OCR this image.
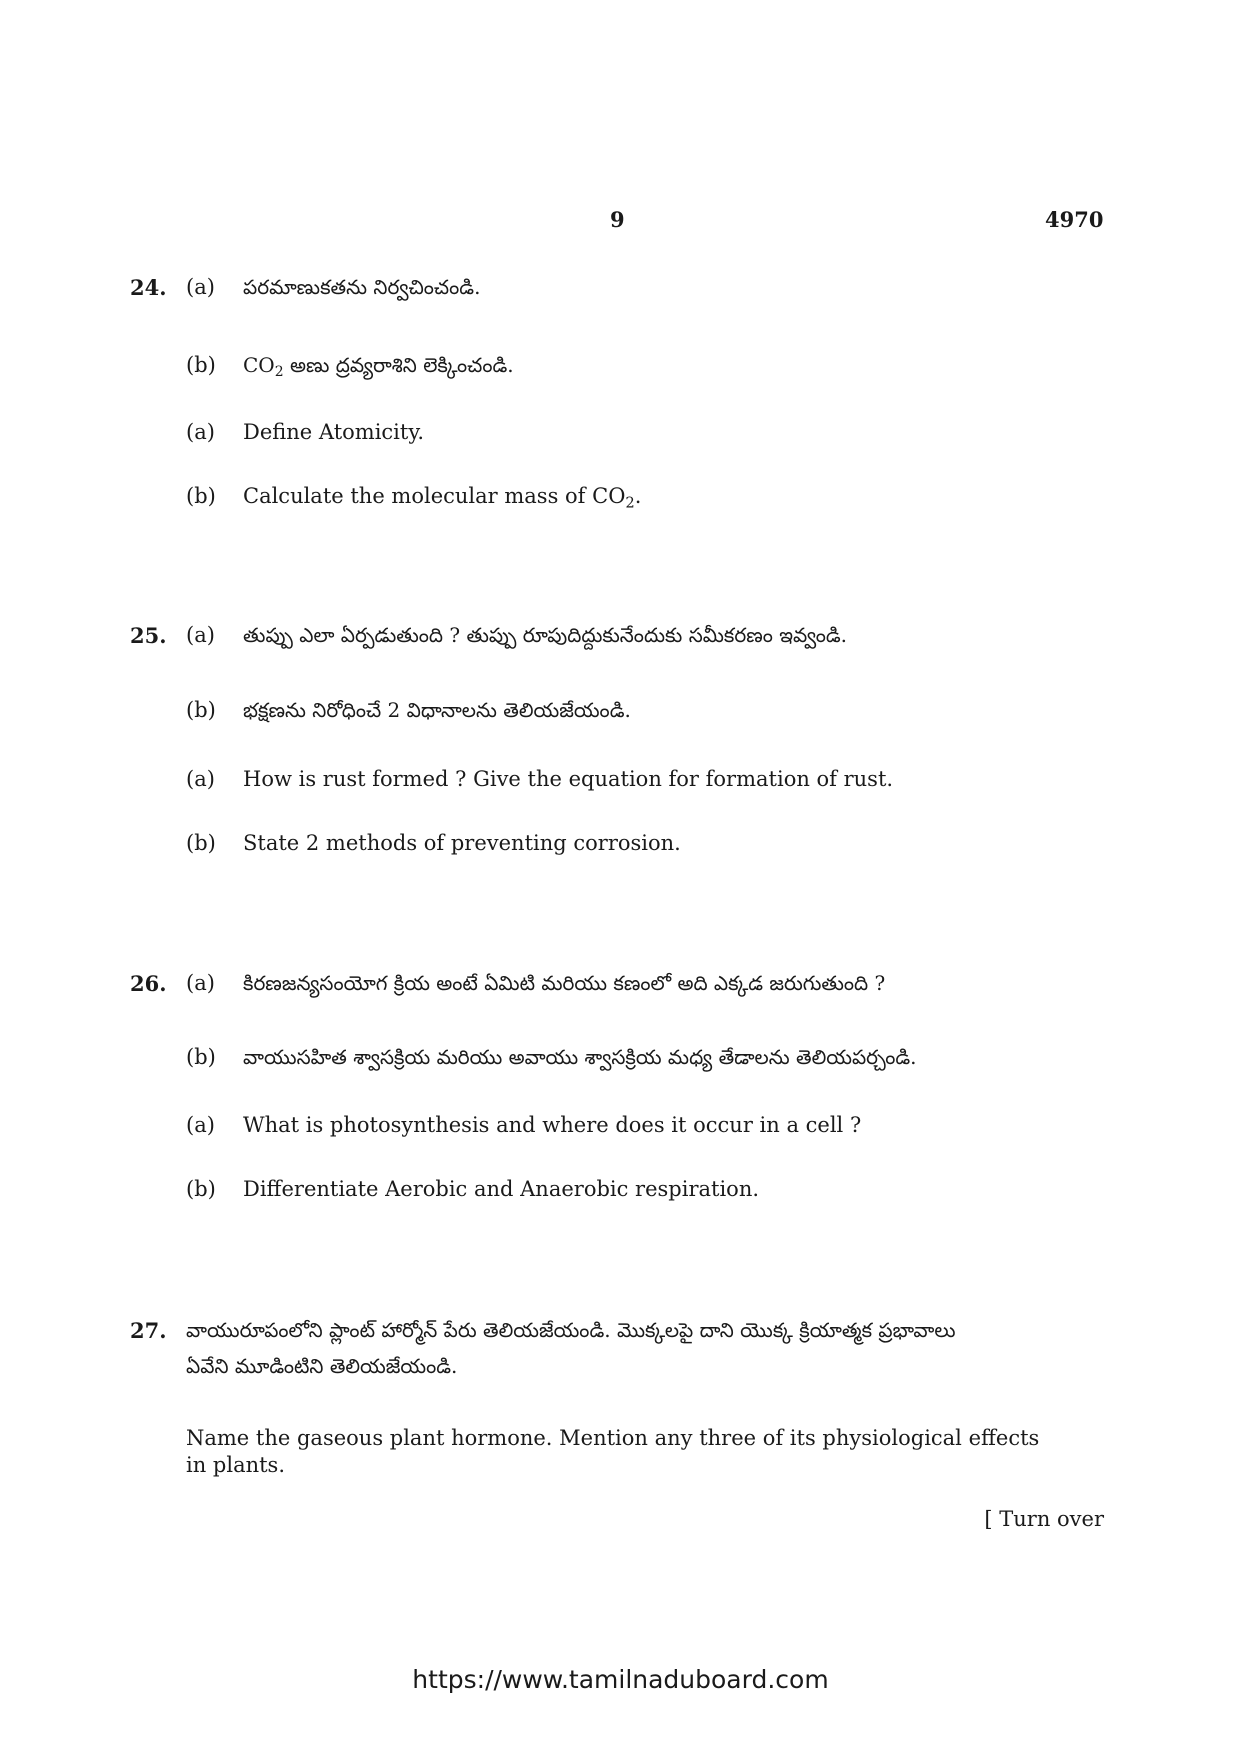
9	4970
24. (a) పరమాణుకతను నిర్వచించండి.
(b) $CO_2$ అణు ద్రవ్యరాశిని లెక్కించండి.
(a) Define Atomicity.
(b) Calculate the molecular mass of $CO_2$.
25. (a) తుప్పు ఎలా ఏర్పడుతుంది ? తుప్పు రూపుదిద్దుకునేందుకు సమీకరణం ఇవ్వండి.
(b) భక్షణను నిరోధించే 2 విధానాలను తెలియజేయండి.
(a) How is rust formed ? Give the equation for formation of rust.
(b) State 2 methods of preventing corrosion.
26. (a) కిరణజన్యసంయోగ క్రియ అంటే ఏమిటి మరియు కణంలో అది ఎక్కడ జరుగుతుంది ?
(b) వాయుసహిత శ్వాసక్రియ మరియు అవాయు శ్వాసక్రియ మధ్య తేడాలను తెలియపర్చండి.
(a) What is photosynthesis and where does it occur in a cell ?
(b) Differentiate Aerobic and Anaerobic respiration.
27. వాయురూపంలోని ప్లాంట్ హార్మోన్ పేరు తెలియజేయండి. మొక్కలపై దాని యొక్క క్రియాత్మక ప్రభావాలు
ఏవేని మూడింటిని తెలియజేయండి.
Name the gaseous plant hormone. Mention any three of its physiological effects in plants.
[ Turn over
https://www.tamilnaduboard.com
